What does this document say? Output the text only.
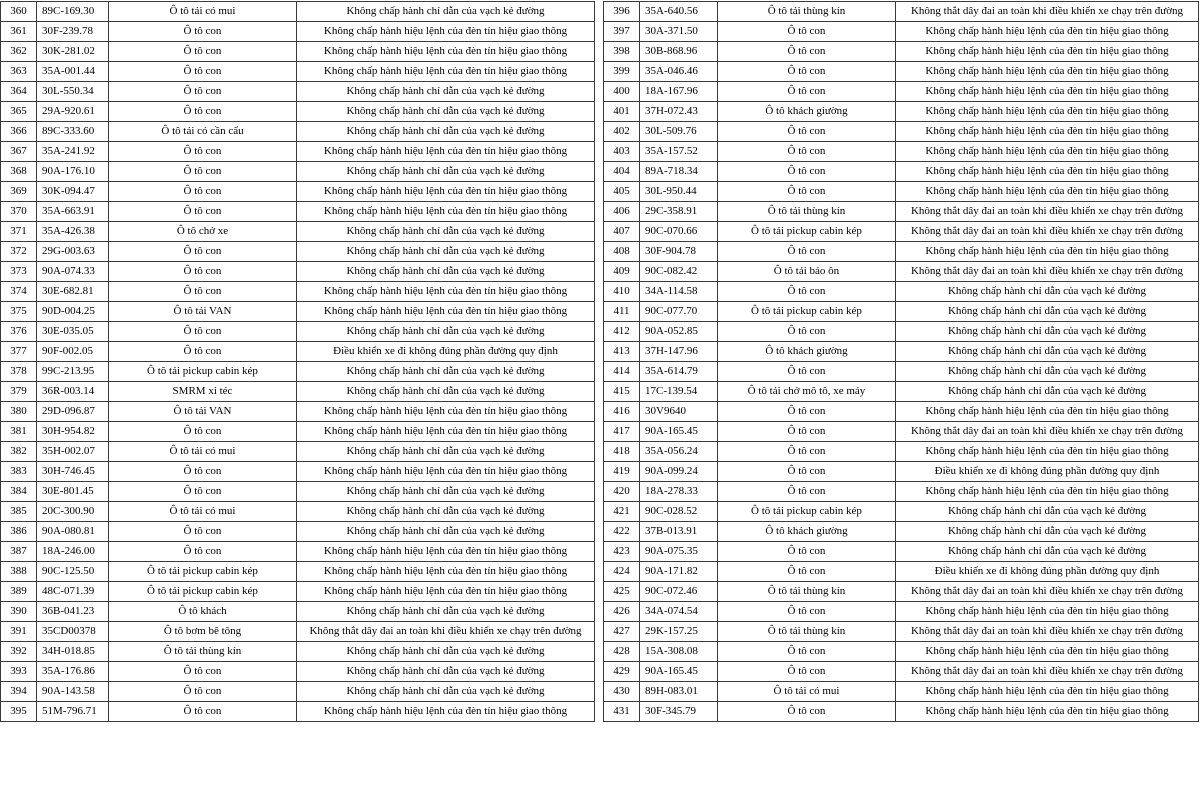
360	89C-169.30	Ô tô tải có mui	Không chấp hành chỉ dẫn của vạch kẻ đường
361	30F-239.78	Ô tô con	Không chấp hành hiệu lệnh của đèn tín hiệu giao thông
362	30K-281.02	Ô tô con	Không chấp hành hiệu lệnh của đèn tín hiệu giao thông
363	35A-001.44	Ô tô con	Không chấp hành hiệu lệnh của đèn tín hiệu giao thông
364	30L-550.34	Ô tô con	Không chấp hành chỉ dẫn của vạch kẻ đường
365	29A-920.61	Ô tô con	Không chấp hành chỉ dẫn của vạch kẻ đường
366	89C-333.60	Ô tô tải có cần cẩu	Không chấp hành chỉ dẫn của vạch kẻ đường
367	35A-241.92	Ô tô con	Không chấp hành hiệu lệnh của đèn tín hiệu giao thông
368	90A-176.10	Ô tô con	Không chấp hành chỉ dẫn của vạch kẻ đường
369	30K-094.47	Ô tô con	Không chấp hành hiệu lệnh của đèn tín hiệu giao thông
370	35A-663.91	Ô tô con	Không chấp hành hiệu lệnh của đèn tín hiệu giao thông
371	35A-426.38	Ô tô chở xe	Không chấp hành chỉ dẫn của vạch kẻ đường
372	29G-003.63	Ô tô con	Không chấp hành chỉ dẫn của vạch kẻ đường
373	90A-074.33	Ô tô con	Không chấp hành chỉ dẫn của vạch kẻ đường
374	30E-682.81	Ô tô con	Không chấp hành hiệu lệnh của đèn tín hiệu giao thông
375	90D-004.25	Ô tô tải VAN	Không chấp hành hiệu lệnh của đèn tín hiệu giao thông
376	30E-035.05	Ô tô con	Không chấp hành chỉ dẫn của vạch kẻ đường
377	90F-002.05	Ô tô con	Điều khiển xe đi không đúng phần đường quy định
378	99C-213.95	Ô tô tải pickup cabin kép	Không chấp hành chỉ dẫn của vạch kẻ đường
379	36R-003.14	SMRM xi téc	Không chấp hành chỉ dẫn của vạch kẻ đường
380	29D-096.87	Ô tô tải VAN	Không chấp hành hiệu lệnh của đèn tín hiệu giao thông
381	30H-954.82	Ô tô con	Không chấp hành hiệu lệnh của đèn tín hiệu giao thông
382	35H-002.07	Ô tô tải có mui	Không chấp hành chỉ dẫn của vạch kẻ đường
383	30H-746.45	Ô tô con	Không chấp hành hiệu lệnh của đèn tín hiệu giao thông
384	30E-801.45	Ô tô con	Không chấp hành chỉ dẫn của vạch kẻ đường
385	20C-300.90	Ô tô tải có mui	Không chấp hành chỉ dẫn của vạch kẻ đường
386	90A-080.81	Ô tô con	Không chấp hành chỉ dẫn của vạch kẻ đường
387	18A-246.00	Ô tô con	Không chấp hành hiệu lệnh của đèn tín hiệu giao thông
388	90C-125.50	Ô tô tải pickup cabin kép	Không chấp hành hiệu lệnh của đèn tín hiệu giao thông
389	48C-071.39	Ô tô tải pickup cabin kép	Không chấp hành hiệu lệnh của đèn tín hiệu giao thông
390	36B-041.23	Ô tô khách	Không chấp hành chỉ dẫn của vạch kẻ đường
391	35CD00378	Ô tô bơm bê tông	Không thắt dây đai an toàn khi điều khiển xe chạy trên đường
392	34H-018.85	Ô tô tải thùng kín	Không chấp hành chỉ dẫn của vạch kẻ đường
393	35A-176.86	Ô tô con	Không chấp hành chỉ dẫn của vạch kẻ đường
394	90A-143.58	Ô tô con	Không chấp hành chỉ dẫn của vạch kẻ đường
395	51M-796.71	Ô tô con	Không chấp hành hiệu lệnh của đèn tín hiệu giao thông
396	35A-640.56	Ô tô tải thùng kín	Không thắt dây đai an toàn khi điều khiển xe chạy trên đường
397	30A-371.50	Ô tô con	Không chấp hành hiệu lệnh của đèn tín hiệu giao thông
398	30B-868.96	Ô tô con	Không chấp hành hiệu lệnh của đèn tín hiệu giao thông
399	35A-046.46	Ô tô con	Không chấp hành hiệu lệnh của đèn tín hiệu giao thông
400	18A-167.96	Ô tô con	Không chấp hành hiệu lệnh của đèn tín hiệu giao thông
401	37H-072.43	Ô tô khách giường	Không chấp hành hiệu lệnh của đèn tín hiệu giao thông
402	30L-509.76	Ô tô con	Không chấp hành hiệu lệnh của đèn tín hiệu giao thông
403	35A-157.52	Ô tô con	Không chấp hành hiệu lệnh của đèn tín hiệu giao thông
404	89A-718.34	Ô tô con	Không chấp hành hiệu lệnh của đèn tín hiệu giao thông
405	30L-950.44	Ô tô con	Không chấp hành hiệu lệnh của đèn tín hiệu giao thông
406	29C-358.91	Ô tô tải thùng kín	Không thắt dây đai an toàn khi điều khiển xe chạy trên đường
407	90C-070.66	Ô tô tải pickup cabin kép	Không thắt dây đai an toàn khi điều khiển xe chạy trên đường
408	30F-904.78	Ô tô con	Không chấp hành hiệu lệnh của đèn tín hiệu giao thông
409	90C-082.42	Ô tô tải bảo ôn	Không thắt dây đai an toàn khi điều khiển xe chạy trên đường
410	34A-114.58	Ô tô con	Không chấp hành chỉ dẫn của vạch kẻ đường
411	90C-077.70	Ô tô tải pickup cabin kép	Không chấp hành chỉ dẫn của vạch kẻ đường
412	90A-052.85	Ô tô con	Không chấp hành chỉ dẫn của vạch kẻ đường
413	37H-147.96	Ô tô khách giường	Không chấp hành chỉ dẫn của vạch kẻ đường
414	35A-614.79	Ô tô con	Không chấp hành chỉ dẫn của vạch kẻ đường
415	17C-139.54	Ô tô tải chở mô tô, xe máy	Không chấp hành chỉ dẫn của vạch kẻ đường
416	30V9640	Ô tô con	Không chấp hành hiệu lệnh của đèn tín hiệu giao thông
417	90A-165.45	Ô tô con	Không thắt dây đai an toàn khi điều khiển xe chạy trên đường
418	35A-056.24	Ô tô con	Không chấp hành hiệu lệnh của đèn tín hiệu giao thông
419	90A-099.24	Ô tô con	Điều khiển xe đi không đúng phần đường quy định
420	18A-278.33	Ô tô con	Không chấp hành hiệu lệnh của đèn tín hiệu giao thông
421	90C-028.52	Ô tô tải pickup cabin kép	Không chấp hành chỉ dẫn của vạch kẻ đường
422	37B-013.91	Ô tô khách giường	Không chấp hành chỉ dẫn của vạch kẻ đường
423	90A-075.35	Ô tô con	Không chấp hành chỉ dẫn của vạch kẻ đường
424	90A-171.82	Ô tô con	Điều khiển xe đi không đúng phần đường quy định
425	90C-072.46	Ô tô tải thùng kín	Không thắt dây đai an toàn khi điều khiển xe chạy trên đường
426	34A-074.54	Ô tô con	Không chấp hành hiệu lệnh của đèn tín hiệu giao thông
427	29K-157.25	Ô tô tải thùng kín	Không thắt dây đai an toàn khi điều khiển xe chạy trên đường
428	15A-308.08	Ô tô con	Không chấp hành hiệu lệnh của đèn tín hiệu giao thông
429	90A-165.45	Ô tô con	Không thắt dây đai an toàn khi điều khiển xe chạy trên đường
430	89H-083.01	Ô tô tải có mui	Không chấp hành hiệu lệnh của đèn tín hiệu giao thông
431	30F-345.79	Ô tô con	Không chấp hành hiệu lệnh của đèn tín hiệu giao thông
